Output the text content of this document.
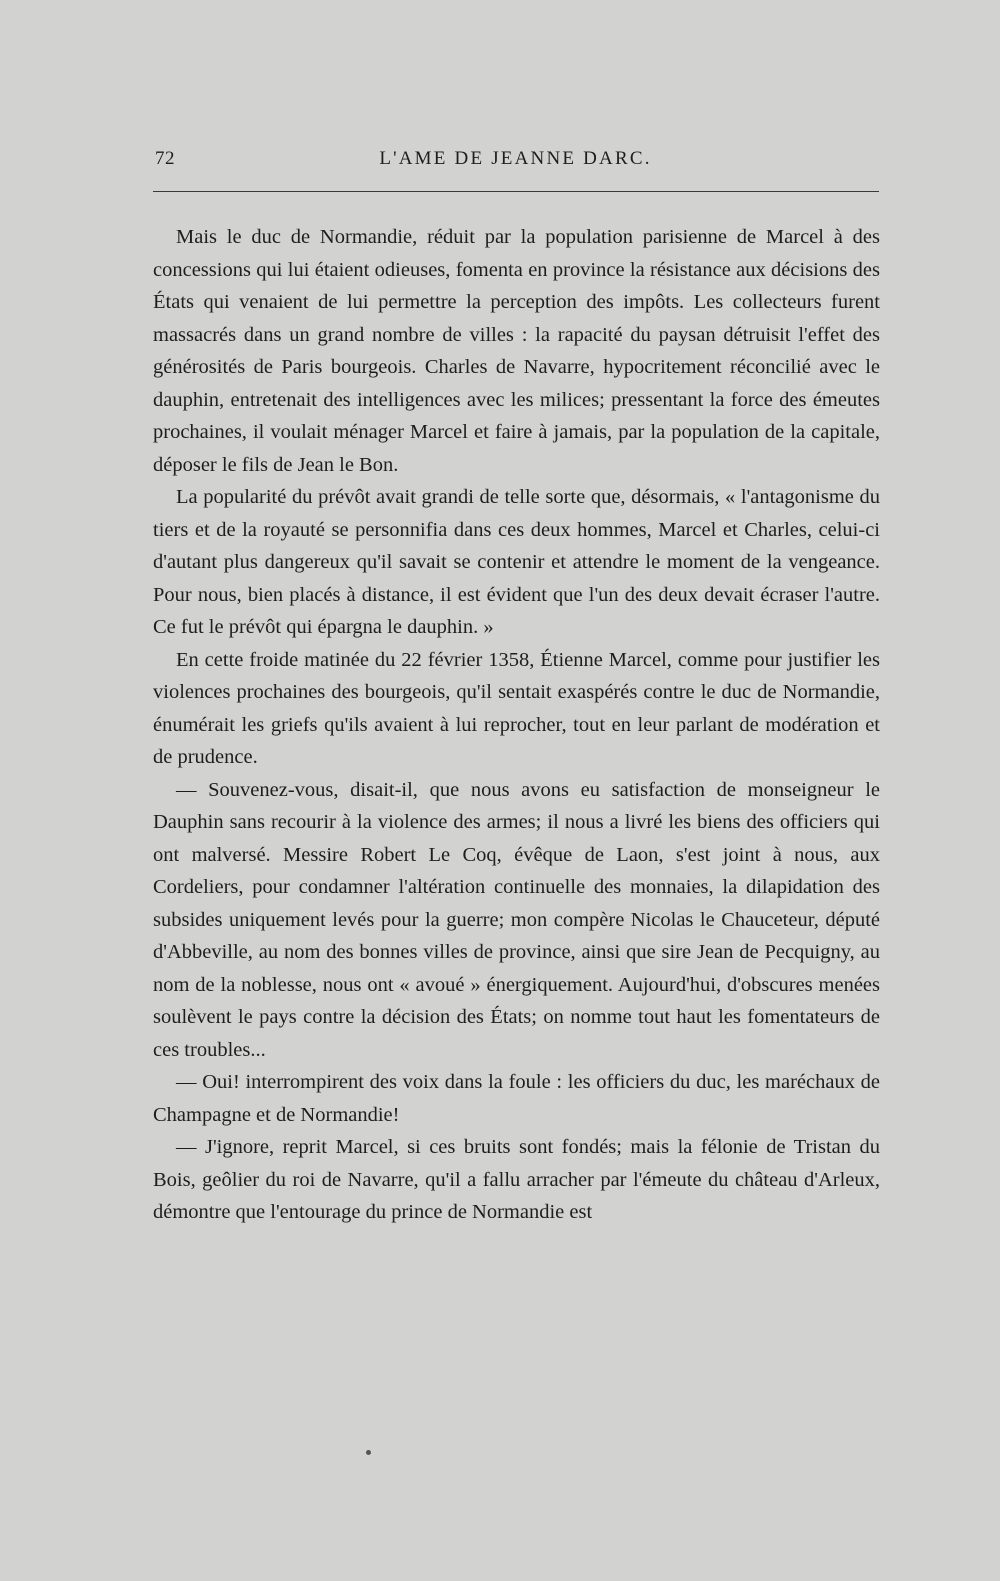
72	L'AME DE JEANNE DARC.

Mais le duc de Normandie, réduit par la population parisienne de Marcel à des concessions qui lui étaient odieuses, fomenta en province la résistance aux décisions des États qui venaient de lui permettre la perception des impôts. Les collecteurs furent massacrés dans un grand nombre de villes : la rapacité du paysan détruisit l'effet des générosités de Paris bourgeois. Charles de Navarre, hypocritement réconcilié avec le dauphin, entretenait des intelligences avec les milices; pressentant la force des émeutes prochaines, il voulait ménager Marcel et faire à jamais, par la population de la capitale, déposer le fils de Jean le Bon.

La popularité du prévôt avait grandi de telle sorte que, désormais, « l'antagonisme du tiers et de la royauté se personnifia dans ces deux hommes, Marcel et Charles, celui-ci d'autant plus dangereux qu'il savait se contenir et attendre le moment de la vengeance. Pour nous, bien placés à distance, il est évident que l'un des deux devait écraser l'autre. Ce fut le prévôt qui épargna le dauphin. »

En cette froide matinée du 22 février 1358, Étienne Marcel, comme pour justifier les violences prochaines des bourgeois, qu'il sentait exaspérés contre le duc de Normandie, énumérait les griefs qu'ils avaient à lui reprocher, tout en leur parlant de modération et de prudence.

— Souvenez-vous, disait-il, que nous avons eu satisfaction de monseigneur le Dauphin sans recourir à la violence des armes; il nous a livré les biens des officiers qui ont malversé. Messire Robert Le Coq, évêque de Laon, s'est joint à nous, aux Cordeliers, pour condamner l'altération continuelle des monnaies, la dilapidation des subsides uniquement levés pour la guerre; mon compère Nicolas le Chauceteur, député d'Abbeville, au nom des bonnes villes de province, ainsi que sire Jean de Pecquigny, au nom de la noblesse, nous ont « avoué » énergiquement. Aujourd'hui, d'obscures menées soulèvent le pays contre la décision des États; on nomme tout haut les fomentateurs de ces troubles...

— Oui! interrompirent des voix dans la foule : les officiers du duc, les maréchaux de Champagne et de Normandie!

— J'ignore, reprit Marcel, si ces bruits sont fondés; mais la félonie de Tristan du Bois, geôlier du roi de Navarre, qu'il a fallu arracher par l'émeute du château d'Arleux, démontre que l'entourage du prince de Normandie est
